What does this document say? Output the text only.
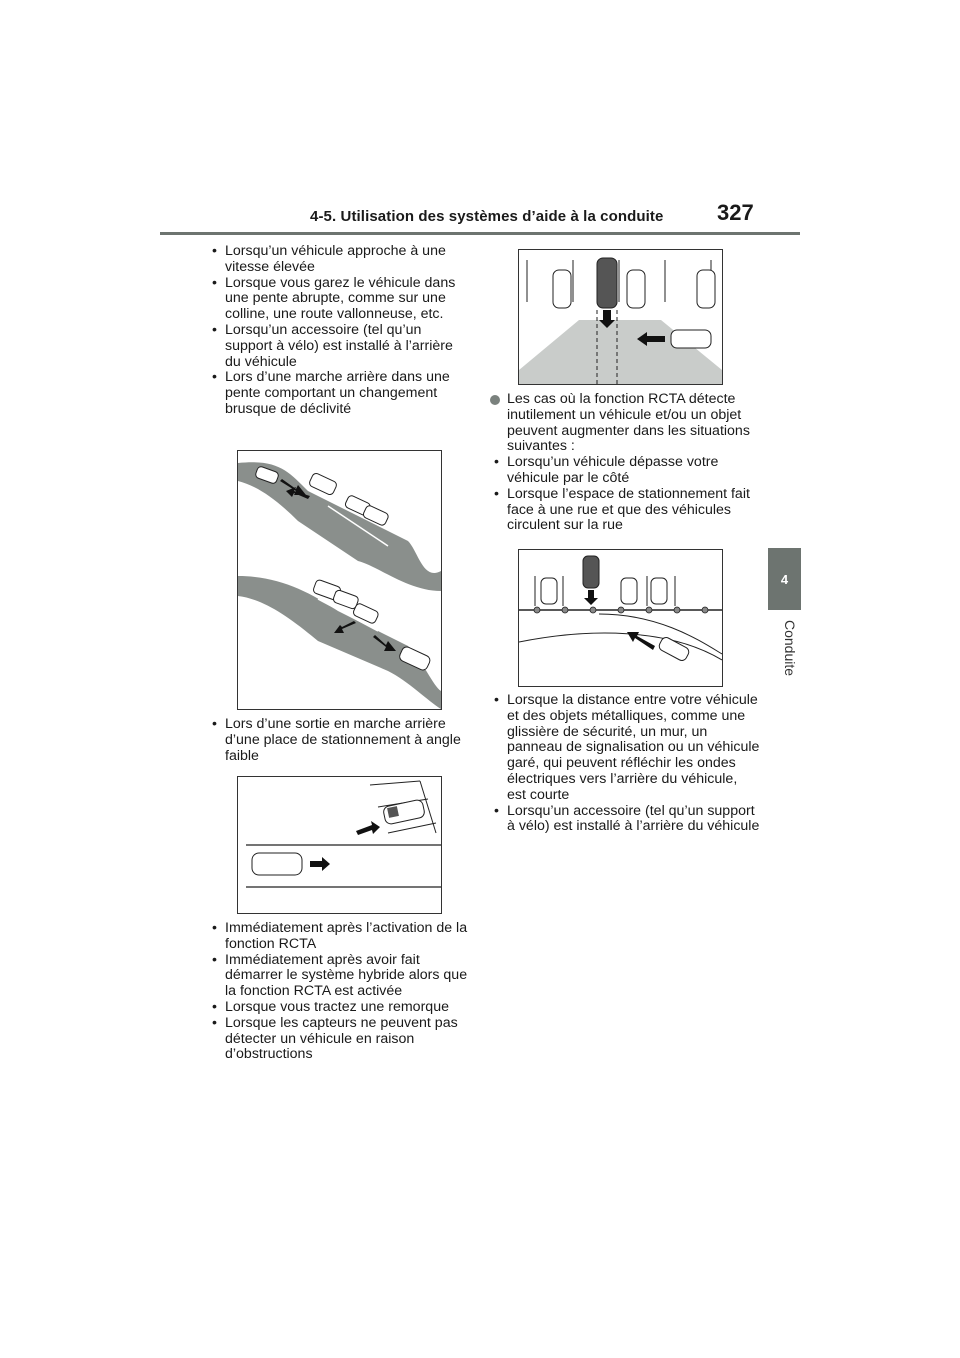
4-5. Utilisation des systèmes d’aide à la conduite 327
4
Conduite
• Lorsqu’un véhicule approche à une vitesse élevée
• Lorsque vous garez le véhicule dans une pente abrupte, comme sur une colline, une route vallonneuse, etc.
• Lorsqu’un accessoire (tel qu’un support à vélo) est installé à l’arrière du véhicule
• Lors d’une marche arrière dans une pente comportant un changement brusque de déclivité
• Lors d’une sortie en marche arrière d’une place de stationnement à angle faible
• Immédiatement après l’activation de la fonction RCTA
• Immédiatement après avoir fait démarrer le système hybride alors que la fonction RCTA est activée
• Lorsque vous tractez une remorque
• Lorsque les capteurs ne peuvent pas détecter un véhicule en raison d’obstructions
Les cas où la fonction RCTA détecte inutilement un véhicule et/ou un objet peuvent augmenter dans les situations suivantes :
• Lorsqu’un véhicule dépasse votre véhicule par le côté
• Lorsque l’espace de stationnement fait face à une rue et que des véhicules circulent sur la rue
• Lorsque la distance entre votre véhicule et des objets métalliques, comme une glissière de sécurité, un mur, un panneau de signalisation ou un véhicule garé, qui peuvent réfléchir les ondes électriques vers l’arrière du véhicule, est courte
• Lorsqu’un accessoire (tel qu’un support à vélo) est installé à l’arrière du véhicule
